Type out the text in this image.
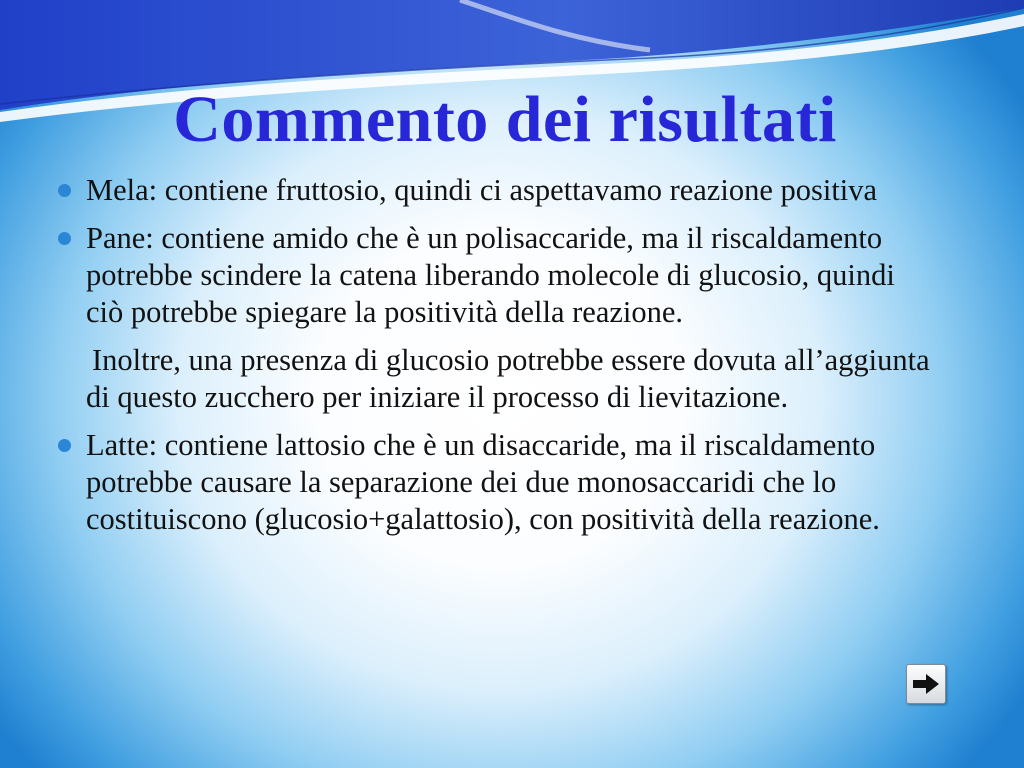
Commento dei risultati
Mela: contiene fruttosio, quindi ci aspettavamo reazione positiva
Pane: contiene amido che è un polisaccaride, ma il riscaldamento potrebbe scindere la catena liberando molecole di glucosio, quindi ciò potrebbe spiegare la positività della reazione.
Inoltre, una presenza di glucosio potrebbe essere dovuta all’aggiunta di questo zucchero per iniziare il processo di lievitazione.
Latte: contiene lattosio che è un disaccaride, ma il riscaldamento potrebbe causare la separazione dei due monosaccaridi che lo costituiscono (glucosio+galattosio), con positività della reazione.
